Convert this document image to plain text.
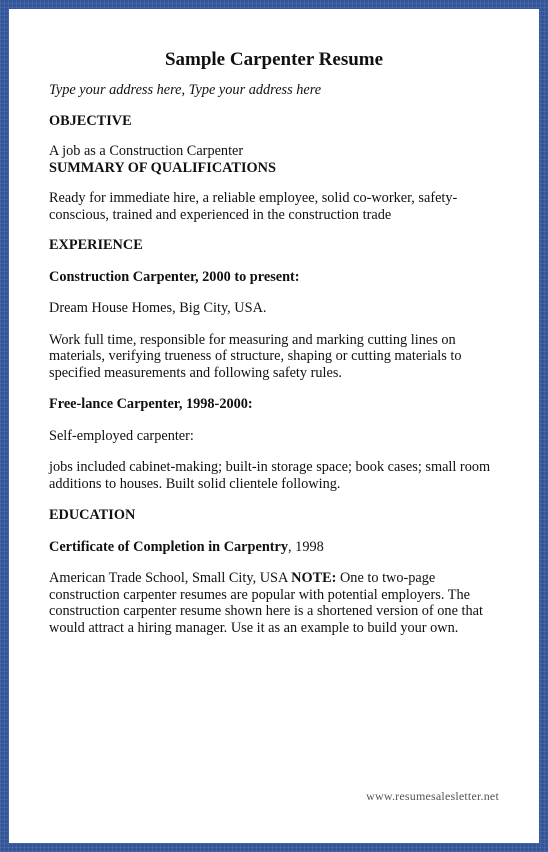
Sample Carpenter Resume

Type your address here, Type your address here

OBJECTIVE

A job as a Construction Carpenter

SUMMARY OF QUALIFICATIONS

Ready for immediate hire, a reliable employee, solid co-worker, safety-conscious, trained and experienced in the construction trade

EXPERIENCE

Construction Carpenter, 2000 to present:

Dream House Homes, Big City, USA.

Work full time, responsible for measuring and marking cutting lines on materials, verifying trueness of structure, shaping or cutting materials to specified measurements and following safety rules.

Free-lance Carpenter, 1998-2000:

Self-employed carpenter:

jobs included cabinet-making; built-in storage space; book cases; small room additions to houses. Built solid clientele following.

EDUCATION

Certificate of Completion in Carpentry, 1998

American Trade School, Small City, USA NOTE: One to two-page construction carpenter resumes are popular with potential employers. The construction carpenter resume shown here is a shortened version of one that would attract a hiring manager. Use it as an example to build your own.

www.resumesalesletter.net
